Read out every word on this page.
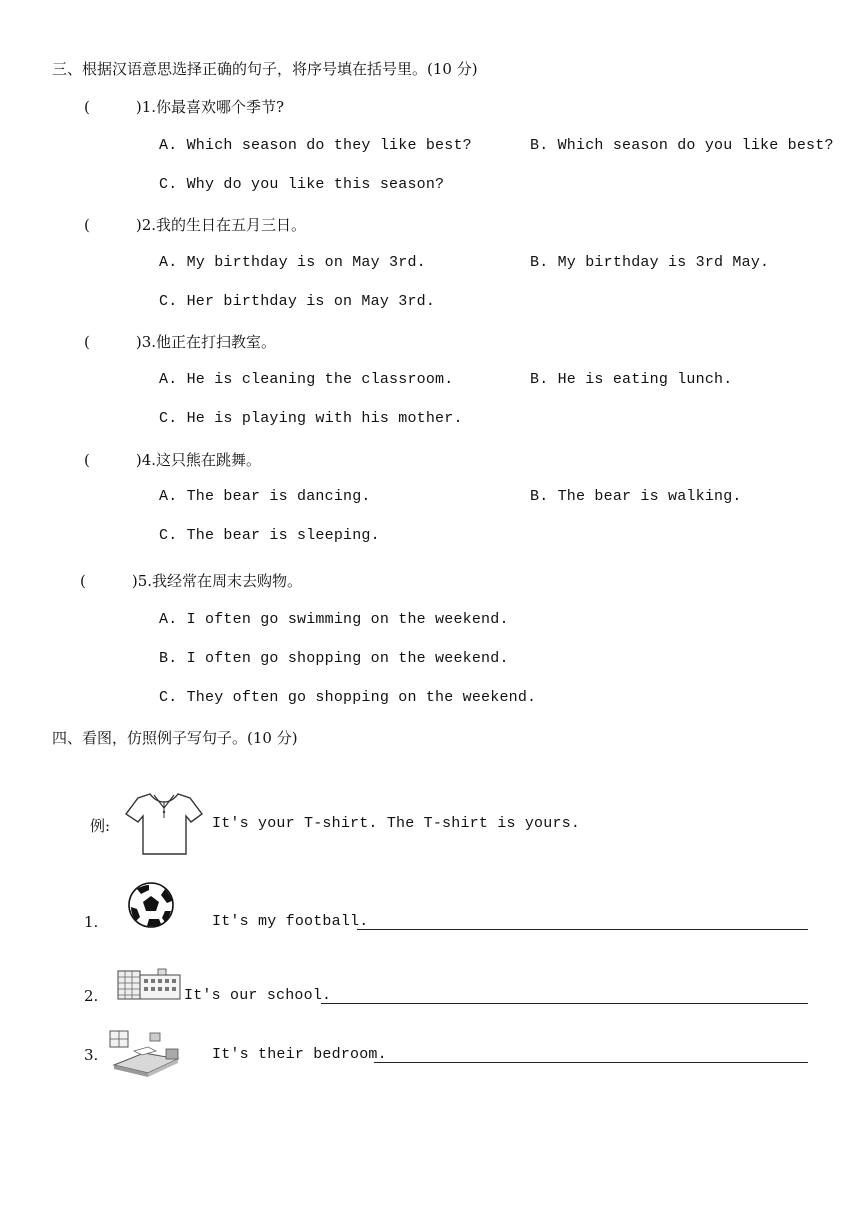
三、根据汉语意思选择正确的句子，将序号填在括号里。(10 分)
(	)1.你最喜欢哪个季节?
A. Which season do they like best?	B. Which season do you like best?
C. Why do you like this season?
(	)2.我的生日在五月三日。
A. My birthday is on May 3rd.	B. My birthday is 3rd May.
C. Her birthday is on May 3rd.
(	)3.他正在打扫教室。
A. He is cleaning the classroom.	B. He is eating lunch.
C. He is playing with his mother.
(	)4.这只熊在跳舞。
A. The bear is dancing.	B. The bear is walking.
C. The bear is sleeping.
(	)5.我经常在周末去购物。
A. I often go swimming on the weekend.
B. I often go shopping on the weekend.
C. They often go shopping on the weekend.
四、看图，仿照例子写句子。(10 分)
例:	It's your T-shirt. The T-shirt is yours.
1.	It's my football.
2.	It's our school.
3.	It's their bedroom.
